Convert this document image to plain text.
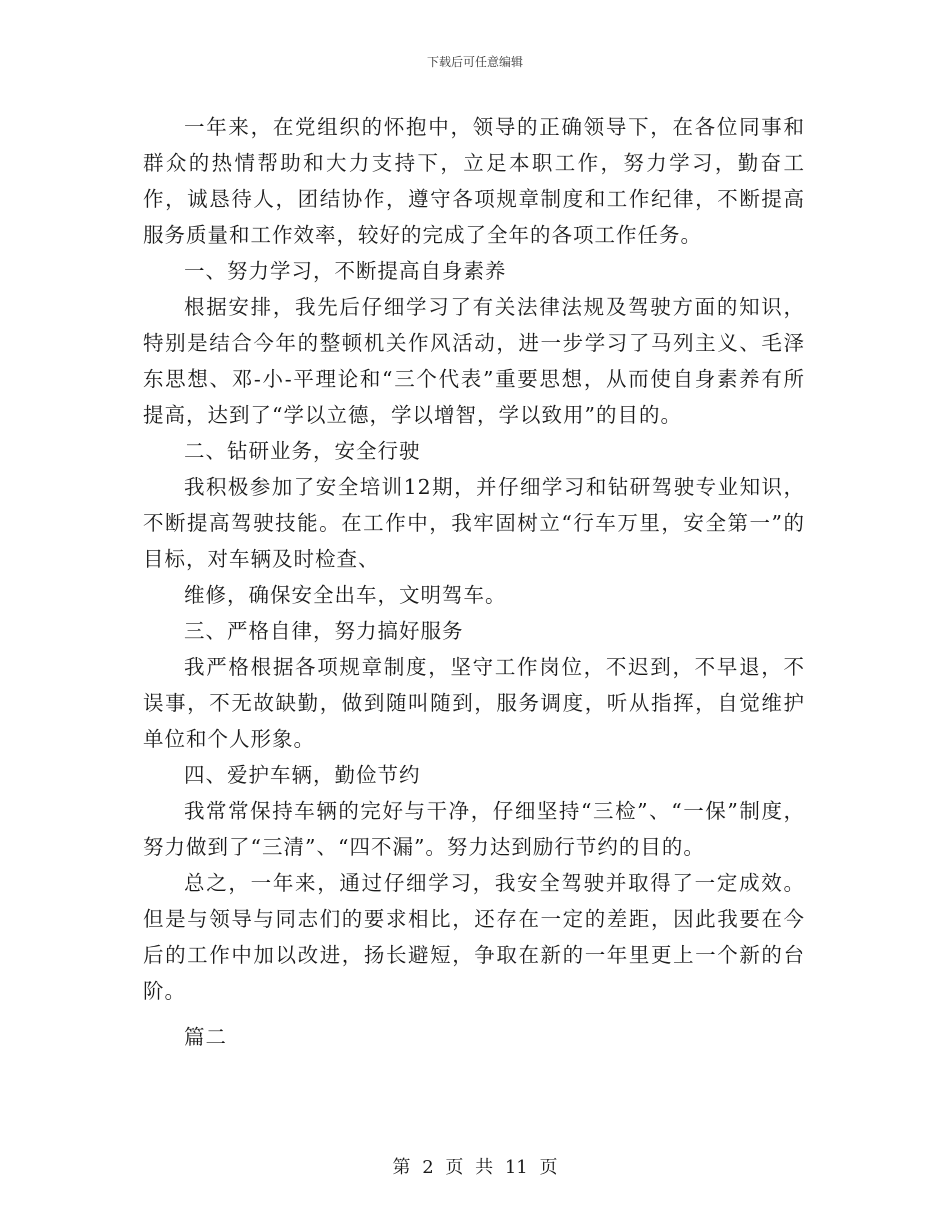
下载后可任意编辑

一年来，在党组织的怀抱中，领导的正确领导下，在各位同事和群众的热情帮助和大力支持下，立足本职工作，努力学习，勤奋工作，诚恳待人，团结协作，遵守各项规章制度和工作纪律，不断提高服务质量和工作效率，较好的完成了全年的各项工作任务。

一、努力学习，不断提高自身素养

根据安排，我先后仔细学习了有关法律法规及驾驶方面的知识，特别是结合今年的整顿机关作风活动，进一步学习了马列主义、毛泽东思想、邓-小-平理论和“三个代表”重要思想，从而使自身素养有所提高，达到了“学以立德，学以增智，学以致用”的目的。

二、钻研业务，安全行驶

我积极参加了安全培训12期，并仔细学习和钻研驾驶专业知识，不断提高驾驶技能。在工作中，我牢固树立“行车万里，安全第一”的目标，对车辆及时检查、

维修，确保安全出车，文明驾车。

三、严格自律，努力搞好服务

我严格根据各项规章制度，坚守工作岗位，不迟到，不早退，不误事，不无故缺勤，做到随叫随到，服务调度，听从指挥，自觉维护单位和个人形象。

四、爱护车辆，勤俭节约

我常常保持车辆的完好与干净，仔细坚持“三检”、“一保”制度，努力做到了“三清”、“四不漏”。努力达到励行节约的目的。

总之，一年来，通过仔细学习，我安全驾驶并取得了一定成效。但是与领导与同志们的要求相比，还存在一定的差距，因此我要在今后的工作中加以改进，扬长避短，争取在新的一年里更上一个新的台阶。

篇二

第 2 页 共 11 页
